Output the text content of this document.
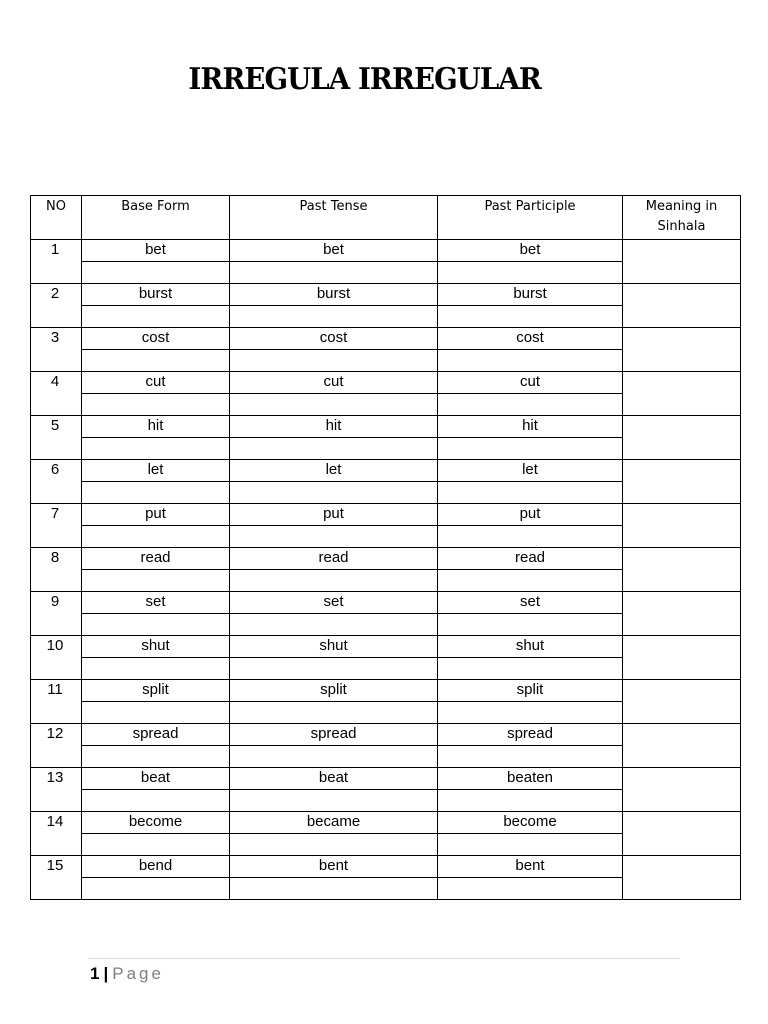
IRREGULA IRREGULAR
NO	Base Form	Past Tense	Past Participle	Meaning in
Sinhala
1	bet	bet	bet	

2	burst	burst	burst	

3	cost	cost	cost	

4	cut	cut	cut	

5	hit	hit	hit	

6	let	let	let	

7	put	put	put	

8	read	read	read	

9	set	set	set	

10	shut	shut	shut	

11	split	split	split	

12	spread	spread	spread	

13	beat	beat	beaten	

14	become	became	become	

15	bend	bent	bent	

1 | Page
